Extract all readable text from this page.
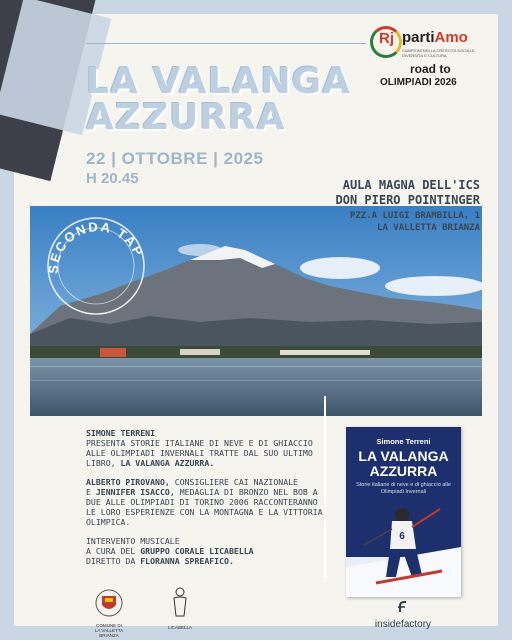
LA VALANGA
AZZURRA
22 | OTTOBRE | 2025
H 20.45
Rj partiAmo
CAMPIONI NELLA CRESCITA SOCIALE, DIVERSITÀ E CULTURA
road to
OLIMPIADI 2026
SECONDA TAP
AULA MAGNA DELL'ICS
DON PIERO POINTINGER
PZZ.A LUIGI BRAMBILLA, 1
LA VALLETTA BRIANZA

SIMONE TERRENI
PRESENTA STORIE ITALIANE DI NEVE E DI GHIACCIO ALLE OLIMPIADI INVERNALI TRATTE DAL SUO ULTIMO LIBRO, LA VALANGA AZZURRA.

ALBERTO PIROVANO, CONSIGLIERE CAI NAZIONALE
E JENNIFER ISACCO, MEDAGLIA DI BRONZO NEL BOB A DUE ALLE OLIMPIADI DI TORINO 2006 RACCONTERANNO LE LORO ESPERIENZE CON LA MONTAGNA E LA VITTORIA OLIMPICA.

INTERVENTO MUSICALE
A CURA DEL GRUPPO CORALE LICABELLA
DIRETTO DA FLORANNA SPREAFICO.

Simone Terreni
LA VALANGA
AZZURRA
Storie italiane di neve e di ghiaccio alle Olimpiadi Invernali
6
COMUNE DI
LA VALLETTA BRIANZA
LICABELLA	insidefactory
